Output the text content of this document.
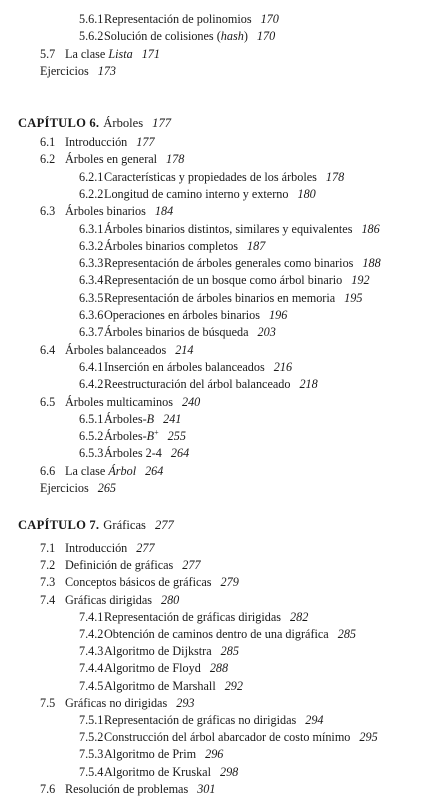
5.6.1Representación de polinomios 170
5.6.2Solución de colisiones (hash) 170
5.7 La clase Lista 171
Ejercicios 173
CAPÍTULO 6. Árboles 177
6.1 Introducción 177
6.2 Árboles en general 178
6.2.1Características y propiedades de los árboles 178
6.2.2Longitud de camino interno y externo 180
6.3 Árboles binarios 184
6.3.1Árboles binarios distintos, similares y equivalentes 186
6.3.2Árboles binarios completos 187
6.3.3Representación de árboles generales como binarios 188
6.3.4Representación de un bosque como árbol binario 192
6.3.5Representación de árboles binarios en memoria 195
6.3.6Operaciones en árboles binarios 196
6.3.7Árboles binarios de búsqueda 203
6.4 Árboles balanceados 214
6.4.1Inserción en árboles balanceados 216
6.4.2Reestructuración del árbol balanceado 218
6.5 Árboles multicaminos 240
6.5.1Árboles-B 241
6.5.2Árboles-B+ 255
6.5.3Árboles 2-4 264
6.6 La clase Árbol 264
Ejercicios 265
CAPÍTULO 7. Gráficas 277
7.1 Introducción 277
7.2 Definición de gráficas 277
7.3 Conceptos básicos de gráficas 279
7.4 Gráficas dirigidas 280
7.4.1Representación de gráficas dirigidas 282
7.4.2Obtención de caminos dentro de una digráfica 285
7.4.3Algoritmo de Dijkstra 285
7.4.4Algoritmo de Floyd 288
7.4.5Algoritmo de Marshall 292
7.5 Gráficas no dirigidas 293
7.5.1Representación de gráficas no dirigidas 294
7.5.2Construcción del árbol abarcador de costo mínimo 295
7.5.3Algoritmo de Prim 296
7.5.4Algoritmo de Kruskal 298
7.6 Resolución de problemas 301
